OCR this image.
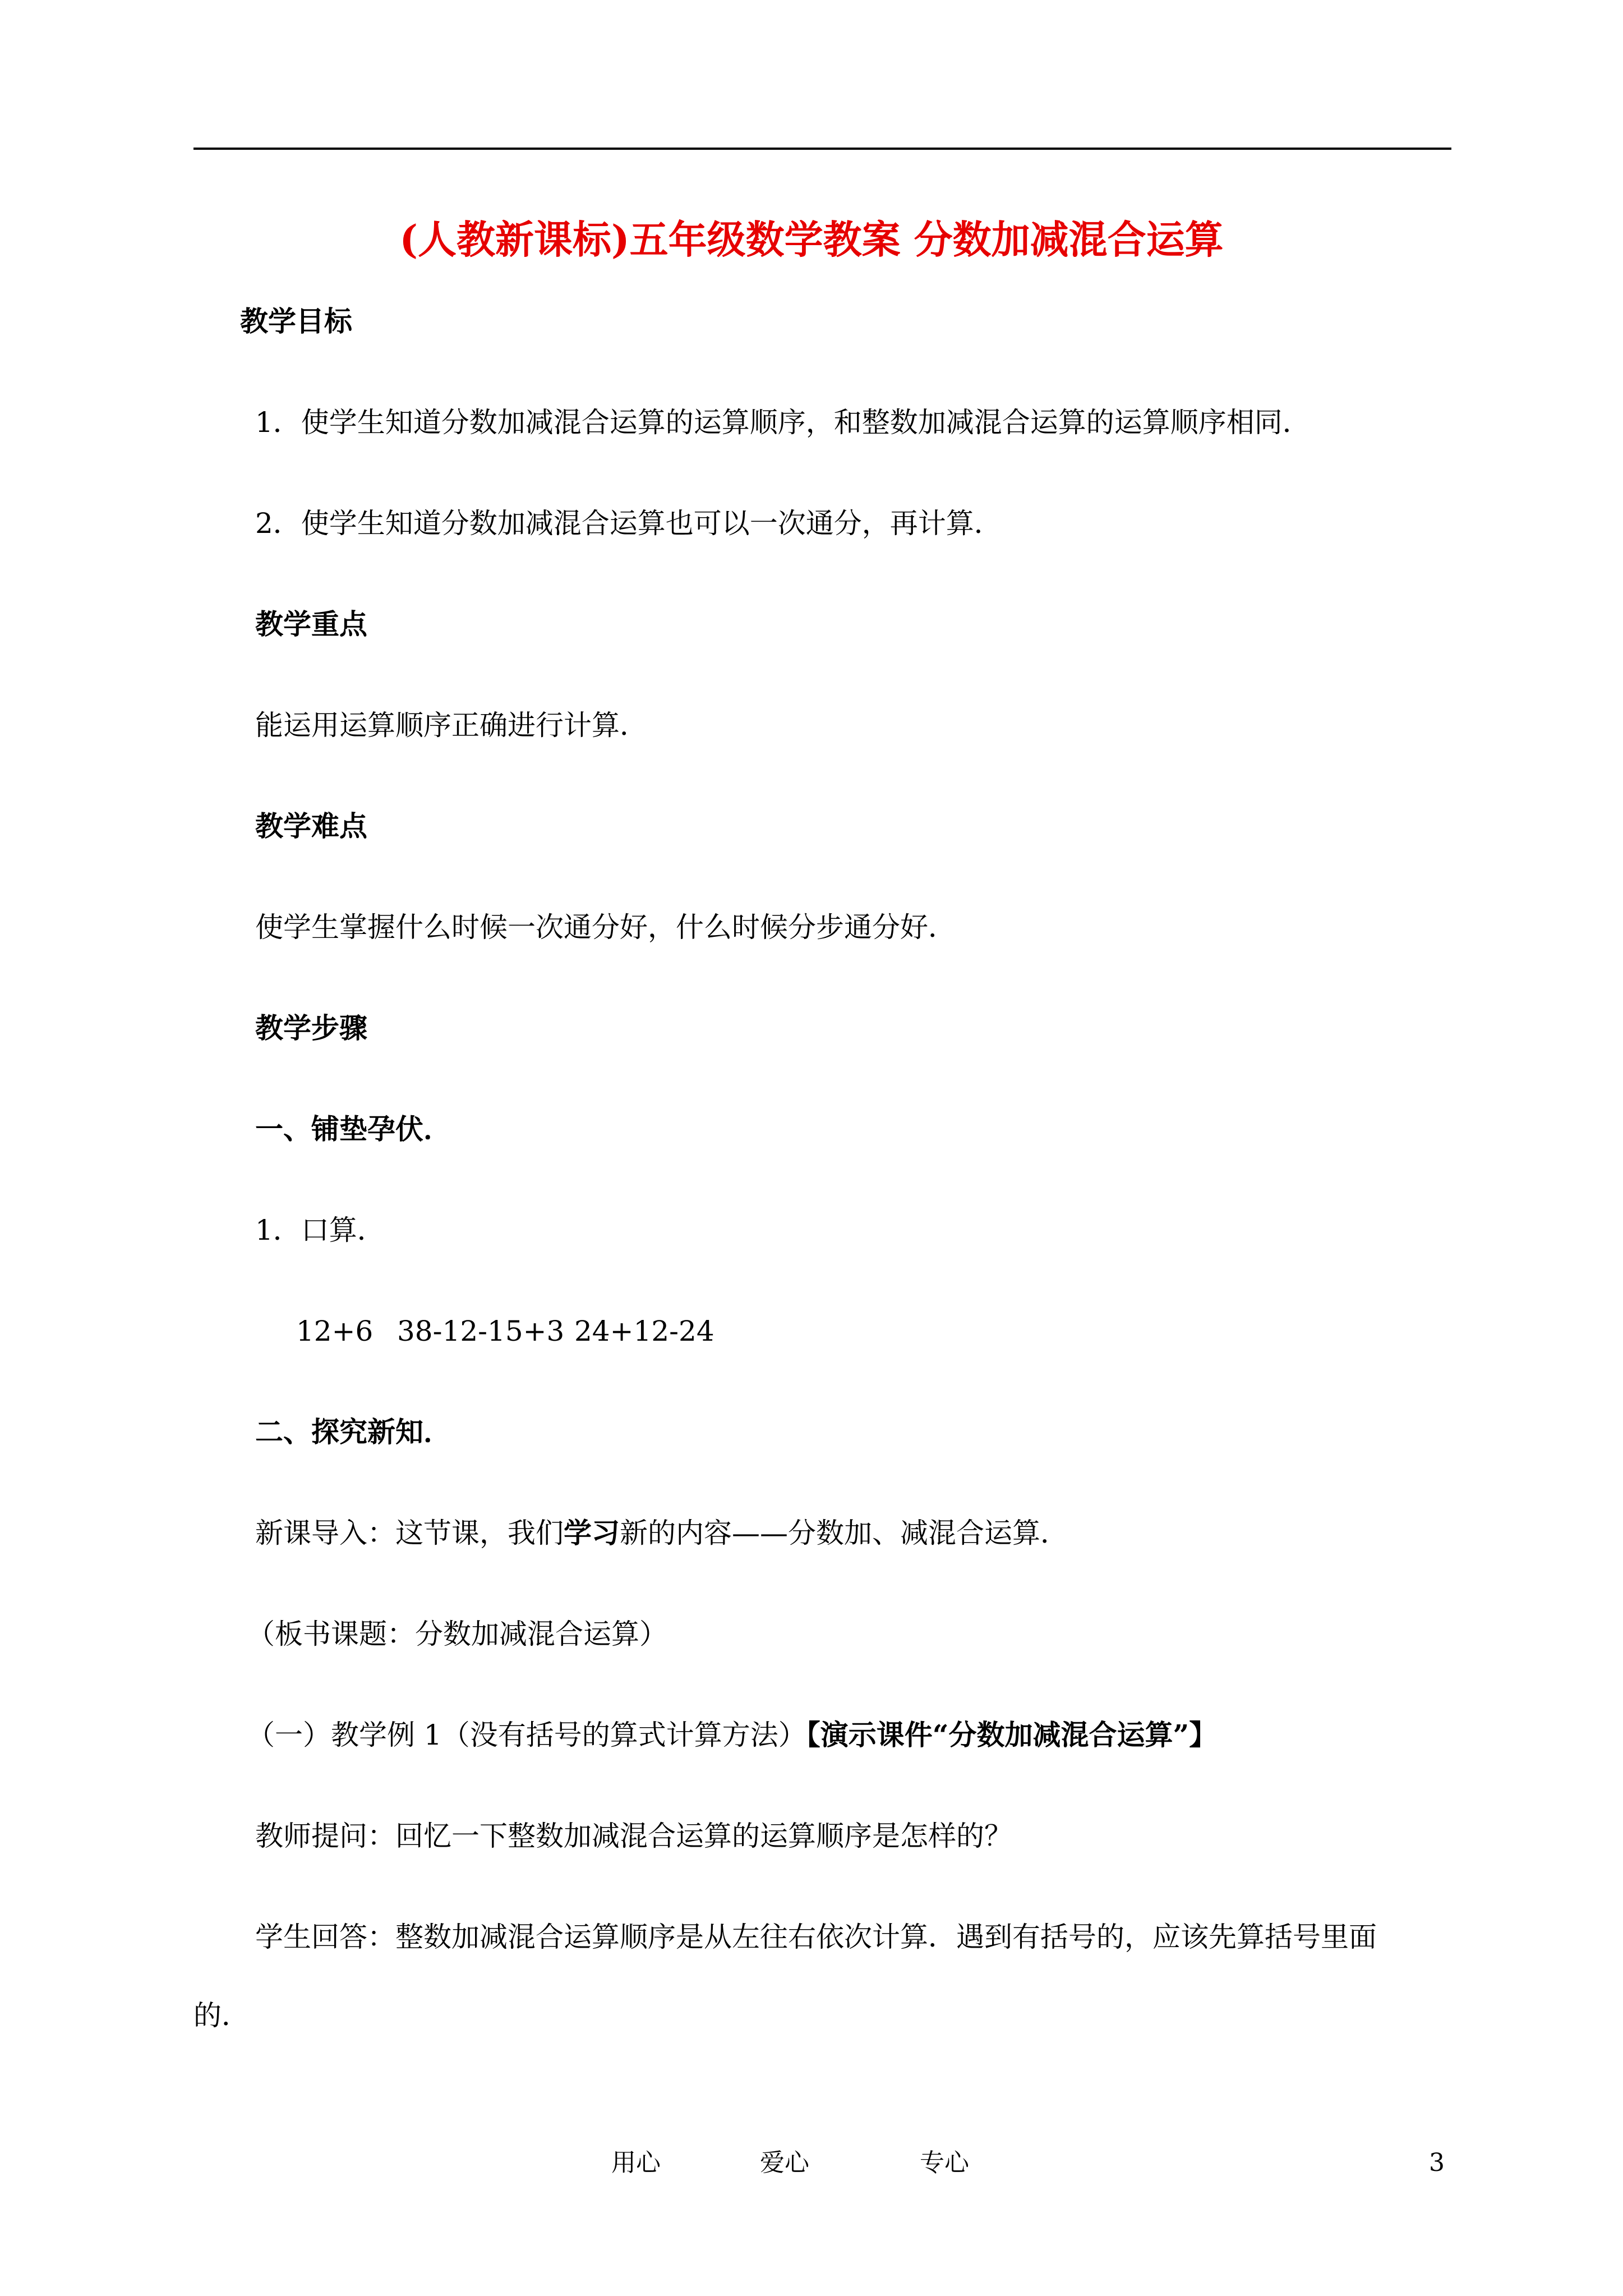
(人教新课标)五年级数学教案 分数加减混合运算
教学目标
1．使学生知道分数加减混合运算的运算顺序，和整数加减混合运算的运算顺序相同．
2．使学生知道分数加减混合运算也可以一次通分，再计算．
教学重点
能运用运算顺序正确进行计算．
教学难点
使学生掌握什么时候一次通分好，什么时候分步通分好．
教学步骤
一、铺垫孕伏．
1．口算．
12+6 38-12-15+3 24+12-24
二、探究新知．
新课导入：这节课，我们学习新的内容——分数加、减混合运算．
（板书课题：分数加减混合运算）
（一）教学例 1（没有括号的算式计算方法）【演示课件“分数加减混合运算”】
教师提问：回忆一下整数加减混合运算的运算顺序是怎样的？
学生回答：整数加减混合运算顺序是从左往右依次计算．遇到有括号的，应该先算括号里面
的．
用心	爱心	专心	3
